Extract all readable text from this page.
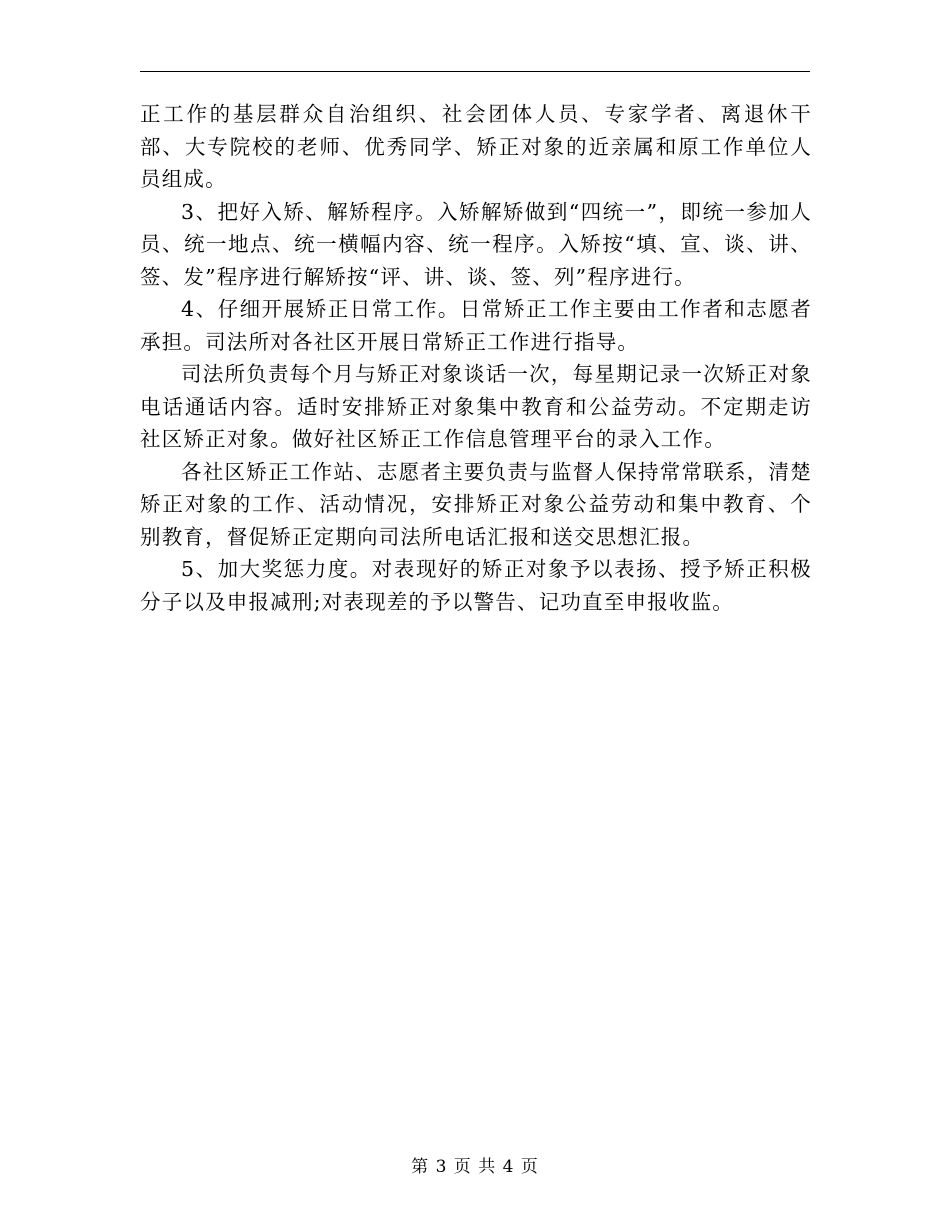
正工作的基层群众自治组织、社会团体人员、专家学者、离退休干部、大专院校的老师、优秀同学、矫正对象的近亲属和原工作单位人员组成。

3、把好入矫、解矫程序。入矫解矫做到“四统一”，即统一参加人员、统一地点、统一横幅内容、统一程序。入矫按“填、宣、谈、讲、签、发”程序进行解矫按“评、讲、谈、签、列”程序进行。

4、仔细开展矫正日常工作。日常矫正工作主要由工作者和志愿者承担。司法所对各社区开展日常矫正工作进行指导。

司法所负责每个月与矫正对象谈话一次，每星期记录一次矫正对象电话通话内容。适时安排矫正对象集中教育和公益劳动。不定期走访社区矫正对象。做好社区矫正工作信息管理平台的录入工作。

各社区矫正工作站、志愿者主要负责与监督人保持常常联系，清楚矫正对象的工作、活动情况，安排矫正对象公益劳动和集中教育、个别教育，督促矫正定期向司法所电话汇报和送交思想汇报。

5、加大奖惩力度。对表现好的矫正对象予以表扬、授予矫正积极分子以及申报减刑;对表现差的予以警告、记功直至申报收监。

第 3 页 共 4 页
